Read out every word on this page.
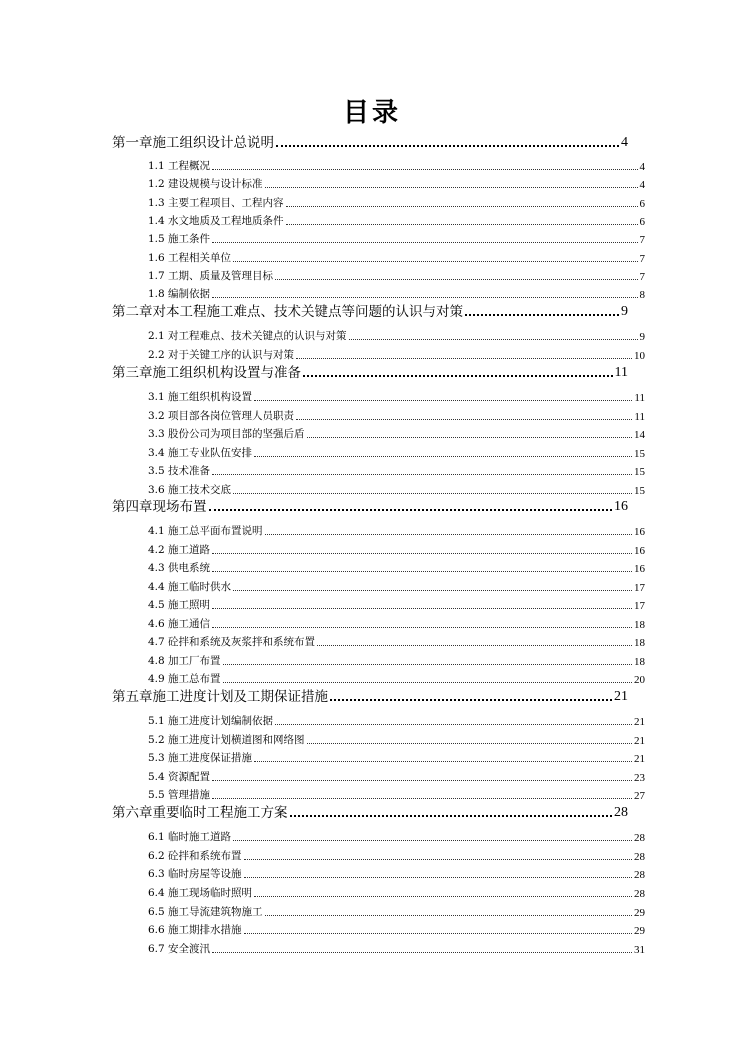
目录
第一章施工组织设计总说明	4
1.1 工程概况	4
1.2 建设规模与设计标准	4
1.3 主要工程项目、工程内容	6
1.4 水文地质及工程地质条件	6
1.5 施工条件	7
1.6 工程相关单位	7
1.7 工期、质量及管理目标	7
1.8 编制依据	8
第二章对本工程施工难点、技术关键点等问题的认识与对策	9
2.1 对工程难点、技术关键点的认识与对策	9
2.2 对于关键工序的认识与对策	10
第三章施工组织机构设置与准备	11
3.1 施工组织机构设置	11
3.2 项目部各岗位管理人员职责	11
3.3 股份公司为项目部的坚强后盾	14
3.4 施工专业队伍安排	15
3.5 技术准备	15
3.6 施工技术交底	15
第四章现场布置	16
4.1 施工总平面布置说明	16
4.2 施工道路	16
4.3 供电系统	16
4.4 施工临时供水	17
4.5 施工照明	17
4.6 施工通信	18
4.7 砼拌和系统及灰浆拌和系统布置	18
4.8 加工厂布置	18
4.9 施工总布置	20
第五章施工进度计划及工期保证措施	21
5.1 施工进度计划编制依据	21
5.2 施工进度计划横道图和网络图	21
5.3 施工进度保证措施	21
5.4 资源配置	23
5.5 管理措施	27
第六章重要临时工程施工方案	28
6.1 临时施工道路	28
6.2 砼拌和系统布置	28
6.3 临时房屋等设施	28
6.4 施工现场临时照明	28
6.5 施工导流建筑物施工	29
6.6 施工期排水措施	29
6.7 安全渡汛	31
